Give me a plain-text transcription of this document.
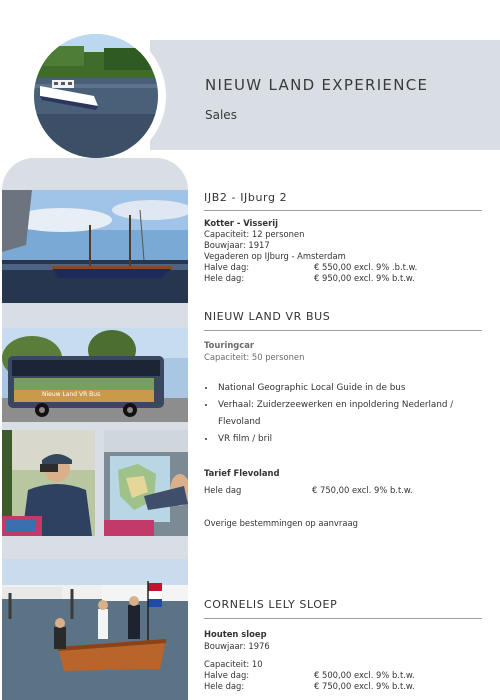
NIEUW LAND EXPERIENCE
Sales
Nieuw Land VR Bus
IJB2 - IJburg 2
Kotter - Visserij
Capaciteit: 12 personen
Bouwjaar: 1917
Vegaderen op IJburg - Amsterdam
Halve dag:	€ 550,00 excl. 9% .b.t.w.
Hele dag:	€ 950,00 excl. 9% b.t.w.
NIEUW LAND VR BUS
Touringcar
Capaciteit: 50 personen
• National Geographic Local Guide in de bus
• Verhaal: Zuiderzeewerken en inpoldering Nederland / Flevoland
• VR film / bril
Tarief Flevoland
Hele dag	€ 750,00 excl. 9% b.t.w.
Overige bestemmingen op aanvraag
CORNELIS LELY SLOEP
Houten sloep
Bouwjaar: 1976
Capaciteit: 10
Halve dag:	€ 500,00 excl. 9% b.t.w.
Hele dag:	€ 750,00 excl. 9% b.t.w.
